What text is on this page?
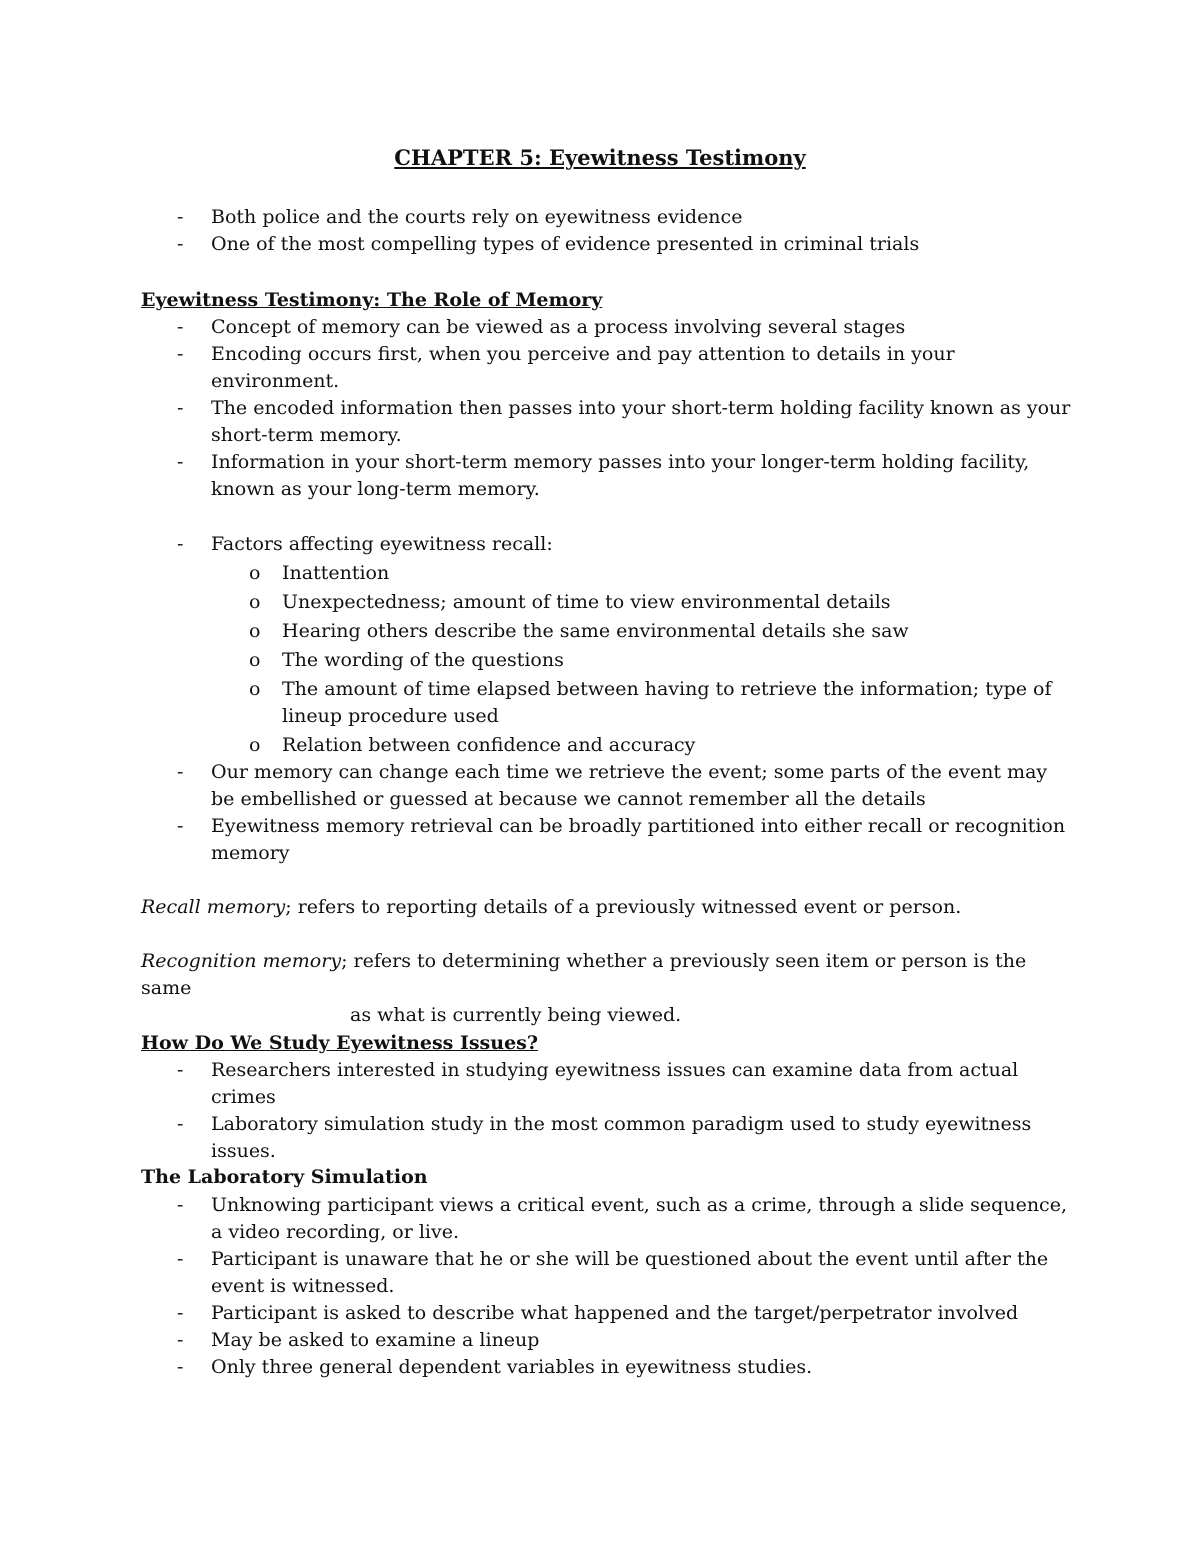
CHAPTER 5: Eyewitness Testimony
- Both police and the courts rely on eyewitness evidence
- One of the most compelling types of evidence presented in criminal trials
Eyewitness Testimony: The Role of Memory
- Concept of memory can be viewed as a process involving several stages
- Encoding occurs first, when you perceive and pay attention to details in your environment.
- The encoded information then passes into your short-term holding facility known as your short-term memory.
- Information in your short-term memory passes into your longer-term holding facility, known as your long-term memory.
- Factors affecting eyewitness recall:
o Inattention
o Unexpectedness; amount of time to view environmental details
o Hearing others describe the same environmental details she saw
o The wording of the questions
o The amount of time elapsed between having to retrieve the information; type of lineup procedure used
o Relation between confidence and accuracy
- Our memory can change each time we retrieve the event; some parts of the event may be embellished or guessed at because we cannot remember all the details
- Eyewitness memory retrieval can be broadly partitioned into either recall or recognition memory
Recall memory; refers to reporting details of a previously witnessed event or person.
Recognition memory; refers to determining whether a previously seen item or person is the same
as what is currently being viewed.
How Do We Study Eyewitness Issues?
- Researchers interested in studying eyewitness issues can examine data from actual crimes
- Laboratory simulation study in the most common paradigm used to study eyewitness issues.
The Laboratory Simulation
- Unknowing participant views a critical event, such as a crime, through a slide sequence, a video recording, or live.
- Participant is unaware that he or she will be questioned about the event until after the event is witnessed.
- Participant is asked to describe what happened and the target/perpetrator involved
- May be asked to examine a lineup
- Only three general dependent variables in eyewitness studies.
